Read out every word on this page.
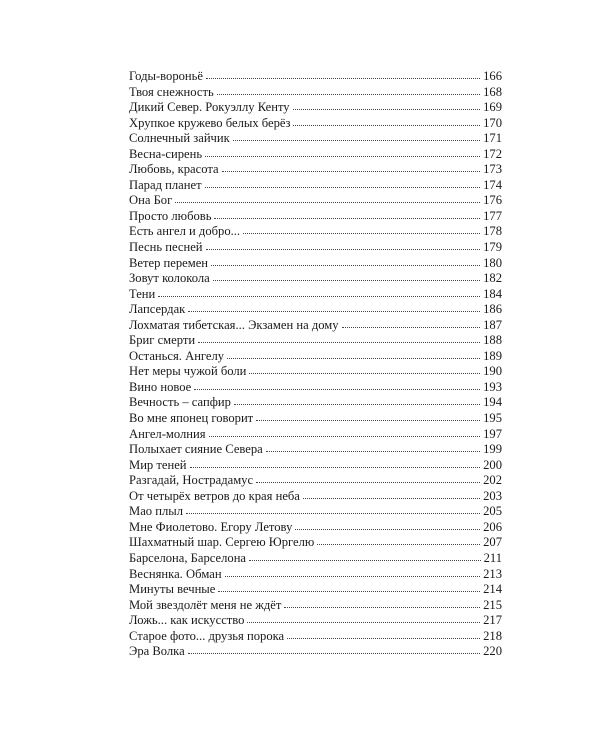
Годы-вороньё	166
Твоя снежность	168
Дикий Север. Рокуэллу Кенту	169
Хрупкое кружево белых берёз	170
Солнечный зайчик	171
Весна-сирень	172
Любовь, красота	173
Парад планет	174
Она Бог	176
Просто любовь	177
Есть ангел и добро...	178
Песнь песней	179
Ветер перемен	180
Зовут колокола	182
Тени	184
Лапсердак	186
Лохматая тибетская... Экзамен на дому	187
Бриг смерти	188
Останься. Ангелу	189
Нет меры чужой боли	190
Вино новое	193
Вечность – сапфир	194
Во мне японец говорит	195
Ангел-молния	197
Полыхает сияние Севера	199
Мир теней	200
Разгадай, Нострадамус	202
От четырёх ветров до края неба	203
Мао плыл	205
Мне Фиолетово. Егору Летову	206
Шахматный шар. Сергею Юргелю	207
Барселона, Барселона	211
Веснянка. Обман	213
Минуты вечные	214
Мой звездолёт меня не ждёт	215
Ложь... как искусство	217
Старое фото... друзья порока	218
Эра Волка	220
